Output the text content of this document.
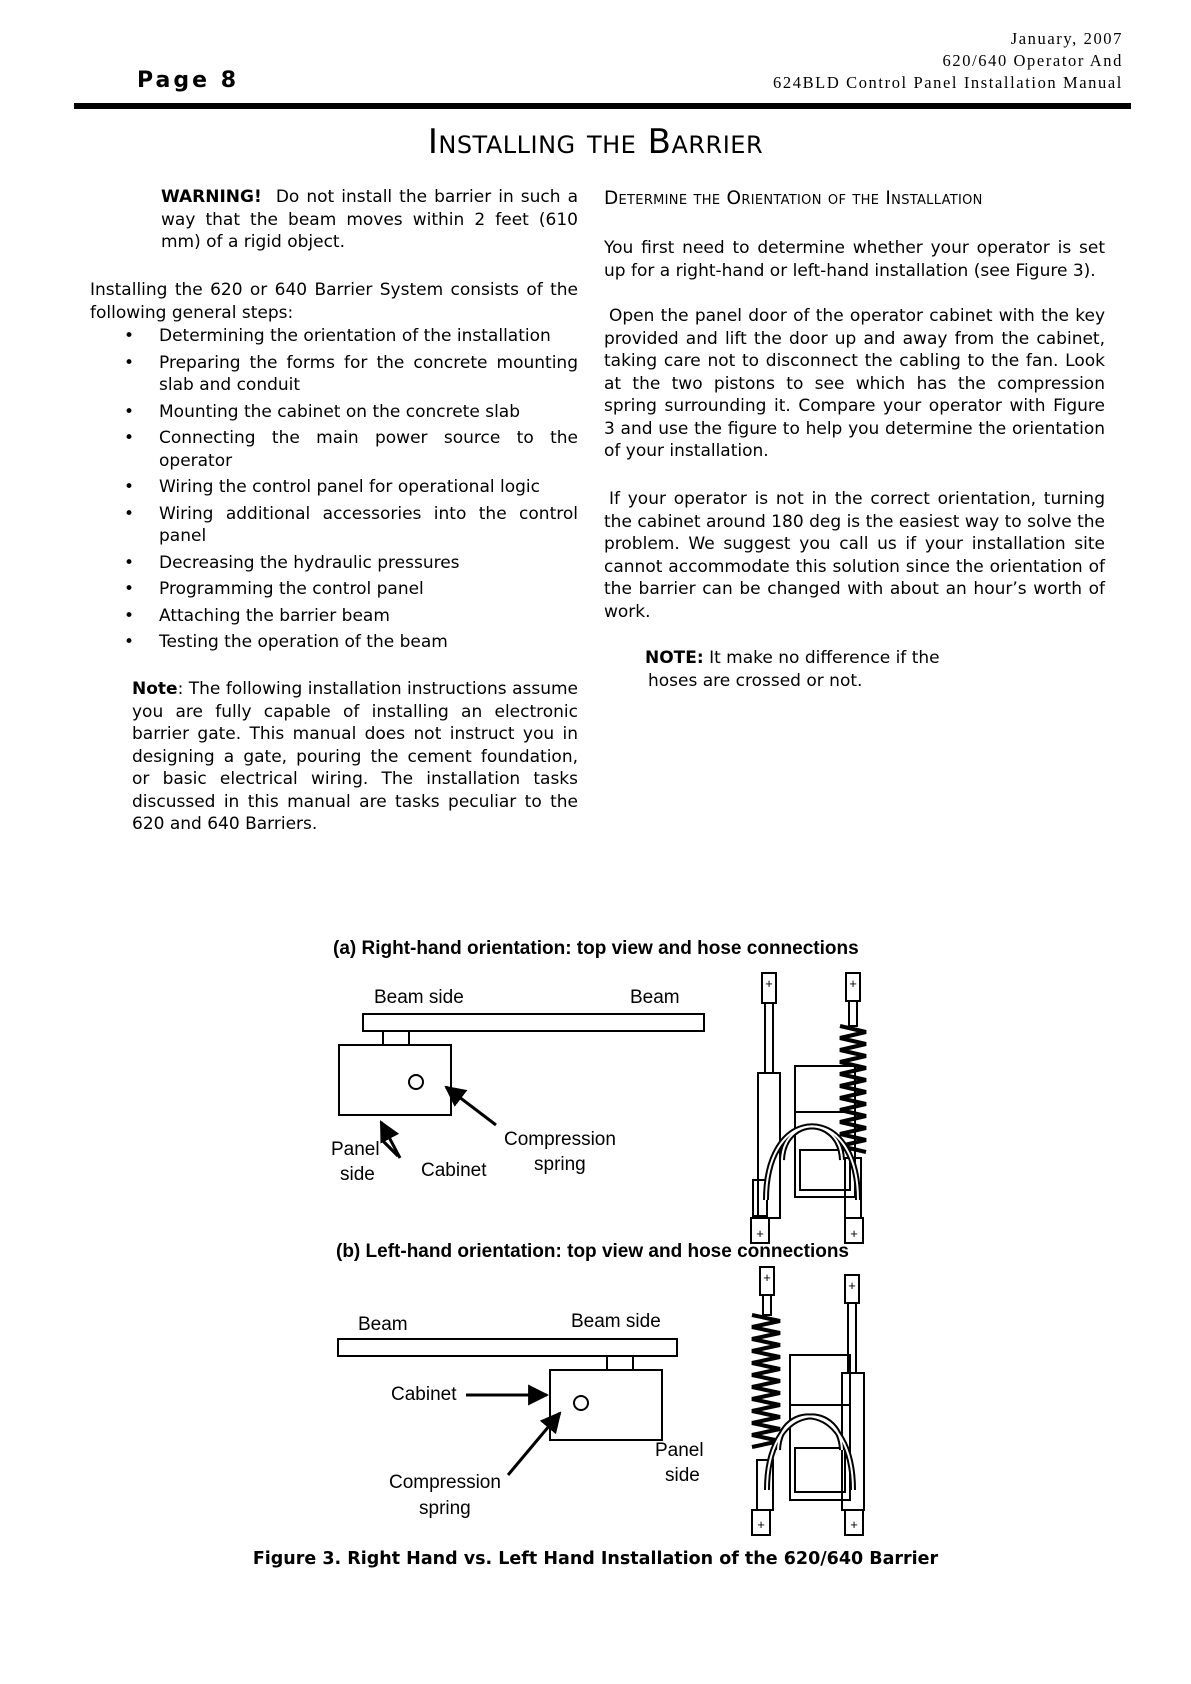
Page 8
January, 2007
620/640 Operator And
624BLD Control Panel Installation Manual
Installing the Barrier
WARNING! Do not install the barrier in such a way that the beam moves within 2 feet (610 mm) of a rigid object.
Installing the 620 or 640 Barrier System consists of the following general steps:
• Determining the orientation of the installation
• Preparing the forms for the concrete mounting slab and conduit
• Mounting the cabinet on the concrete slab
• Connecting the main power source to the operator
• Wiring the control panel for operational logic
• Wiring additional accessories into the control panel
• Decreasing the hydraulic pressures
• Programming the control panel
• Attaching the barrier beam
• Testing the operation of the beam
Note: The following installation instructions assume you are fully capable of installing an electronic barrier gate. This manual does not instruct you in designing a gate, pouring the cement foundation, or basic electrical wiring. The installation tasks discussed in this manual are tasks peculiar to the 620 and 640 Barriers.
Determine the Orientation of the Installation
You first need to determine whether your operator is set up for a right-hand or left-hand installation (see Figure 3).
Open the panel door of the operator cabinet with the key provided and lift the door up and away from the cabinet, taking care not to disconnect the cabling to the fan. Look at the two pistons to see which has the compression spring surrounding it. Compare your operator with Figure 3 and use the figure to help you determine the orientation of your installation.
If your operator is not in the correct orientation, turning the cabinet around 180 deg is the easiest way to solve the problem. We suggest you call us if your installation site cannot accommodate this solution since the orientation of the barrier can be changed with about an hour’s worth of work.
NOTE: It make no difference if the
hoses are crossed or not.
(a) Right-hand orientation: top view and hose connections
Beam side	Beam
Compression
spring
Panel
side Cabinet
+
+
+
+
(b) Left-hand orientation: top view and hose connections
Beam	Beam side
Cabinet
Panel
side
Compression
spring
+
+
+
+
Figure 3. Right Hand vs. Left Hand Installation of the 620/640 Barrier
